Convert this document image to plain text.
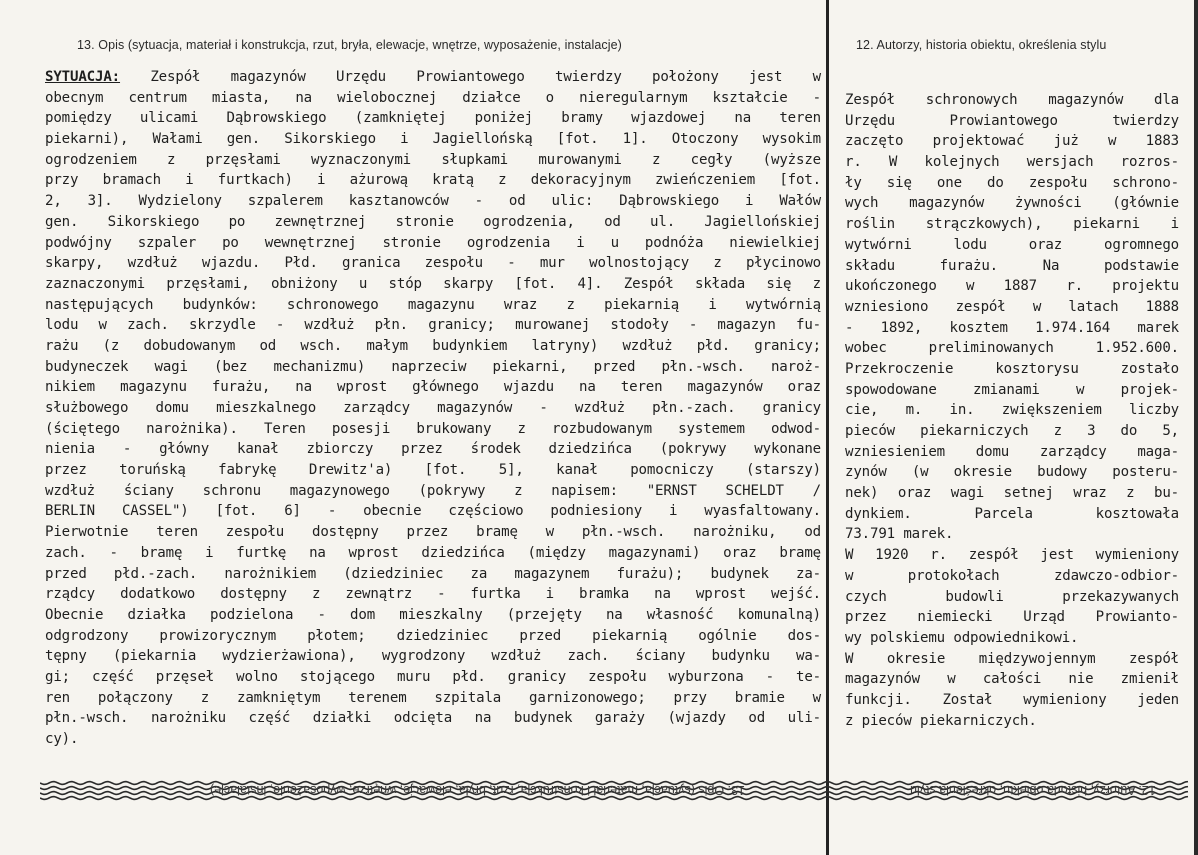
13. Opis (sytuacja, materiał i konstrukcja, rzut, bryła, elewacje, wnętrze, wyposażenie, instalacje)	12. Autorzy, historia obiektu, określenia stylu
SYTUACJA: Zespół magazynów Urzędu Prowiantowego twierdzy położony jest w
obecnym centrum miasta, na wielobocznej działce o nieregularnym kształcie -
pomiędzy ulicami Dąbrowskiego (zamkniętej poniżej bramy wjazdowej na teren
piekarni), Wałami gen. Sikorskiego i Jagiellońską [fot. 1]. Otoczony wysokim
ogrodzeniem z przęsłami wyznaczonymi słupkami murowanymi z cegły (wyższe
przy bramach i furtkach) i ażurową kratą z dekoracyjnym zwieńczeniem [fot.
2, 3]. Wydzielony szpalerem kasztanowców - od ulic: Dąbrowskiego i Wałów
gen. Sikorskiego po zewnętrznej stronie ogrodzenia, od ul. Jagiellońskiej
podwójny szpaler po wewnętrznej stronie ogrodzenia i u podnóża niewielkiej
skarpy, wzdłuż wjazdu. Płd. granica zespołu - mur wolnostojący z płycinowo
zaznaczonymi przęsłami, obniżony u stóp skarpy [fot. 4]. Zespół składa się z
następujących budynków: schronowego magazynu wraz z piekarnią i wytwórnią
lodu w zach. skrzydle - wzdłuż płn. granicy; murowanej stodoły - magazyn fu-
rażu (z dobudowanym od wsch. małym budynkiem latryny) wzdłuż płd. granicy;
budyneczek wagi (bez mechanizmu) naprzeciw piekarni, przed płn.-wsch. naroż-
nikiem magazynu furażu, na wprost głównego wjazdu na teren magazynów oraz
służbowego domu mieszkalnego zarządcy magazynów - wzdłuż płn.-zach. granicy
(ściętego narożnika). Teren posesji brukowany z rozbudowanym systemem odwod-
nienia - główny kanał zbiorczy przez środek dziedzińca (pokrywy wykonane
przez toruńską fabrykę Drewitz'a) [fot. 5], kanał pomocniczy (starszy)
wzdłuż ściany schronu magazynowego (pokrywy z napisem: "ERNST SCHELDT /
BERLIN CASSEL") [fot. 6] - obecnie częściowo podniesiony i wyasfaltowany.
Pierwotnie teren zespołu dostępny przez bramę w płn.-wsch. narożniku, od
zach. - bramę i furtkę na wprost dziedzińca (między magazynami) oraz bramę
przed płd.-zach. narożnikiem (dziedziniec za magazynem furażu); budynek za-
rządcy dodatkowo dostępny z zewnątrz - furtka i bramka na wprost wejść.
Obecnie działka podzielona - dom mieszkalny (przejęty na własność komunalną)
odgrodzony prowizorycznym płotem; dziedziniec przed piekarnią ogólnie dos-
tępny (piekarnia wydzierżawiona), wygrodzony wzdłuż zach. ściany budynku wa-
gi; część przęseł wolno stojącego muru płd. granicy zespołu wyburzona - te-
ren połączony z zamkniętym terenem szpitala garnizonowego; przy bramie w
płn.-wsch. narożniku część działki odcięta na budynek garaży (wjazdy od uli-
cy).
Zespół schronowych magazynów dla
Urzędu Prowiantowego twierdzy
zaczęto projektować już w 1883
r. W kolejnych wersjach rozros-
ły się one do zespołu schrono-
wych magazynów żywności (głównie
roślin strączkowych), piekarni i
wytwórni lodu oraz ogromnego
składu furażu. Na podstawie
ukończonego w 1887 r. projektu
wzniesiono zespół w latach 1888
- 1892, kosztem 1.974.164 marek
wobec preliminowanych 1.952.600.
Przekroczenie kosztorysu zostało
spowodowane zmianami w projek-
cie, m. in. zwiększeniem liczby
pieców piekarniczych z 3 do 5,
wzniesieniem domu zarządcy maga-
zynów (w okresie budowy posteru-
nek) oraz wagi setnej wraz z bu-
dynkiem. Parcela kosztowała
73.791 marek.
W 1920 r. zespół jest wymieniony
w protokołach zdawczo-odbior-
czych budowli przekazywanych
przez niemiecki Urząd Prowianto-
wy polskiemu odpowiednikowi.
W okresie międzywojennym zespół
magazynów w całości nie zmienił
funkcji. Został wymieniony jeden
z pieców piekarniczych.
13. Opis (sytuacja, materiał i konstrukcja, rzut, bryła, elewacje, wnętrze, wyposażenie, instalacje)	12. Autorzy, historia obiektu, określenia stylu
